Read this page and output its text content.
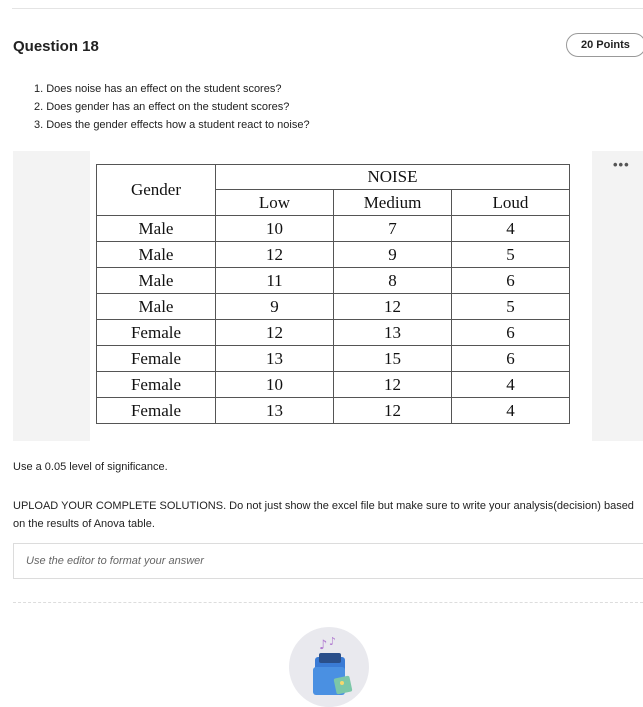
Question 18	20 Points
1. Does noise has an effect on the student scores?
2. Does gender has an effect on the student scores?
3. Does the gender effects how a student react to noise?
•••
Gender	NOISE		
	Low	Medium	Loud
Male	10	7	4
Male	12	9	5
Male	11	8	6
Male	9	12	5
Female	12	13	6
Female	13	15	6
Female	10	12	4
Female	13	12	4
Use a 0.05 level of significance.
UPLOAD YOUR COMPLETE SOLUTIONS. Do not just show the excel file but make sure to write your analysis(decision) based on the results of Anova table.
Use the editor to format your answer
♪ ♪
